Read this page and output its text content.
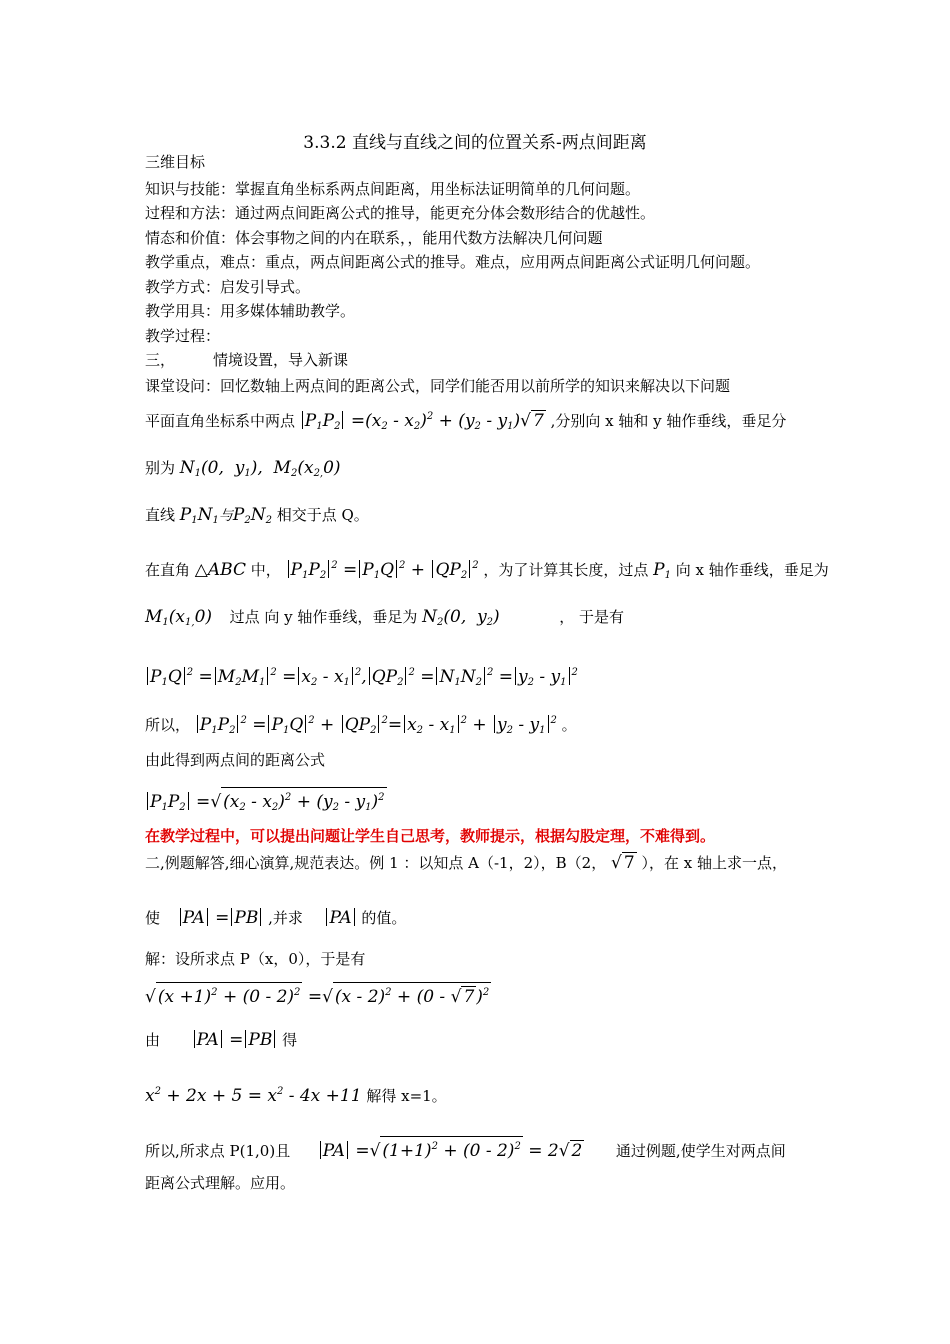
3.3.2 直线与直线之间的位置关系-两点间距离
三维目标
知识与技能：掌握直角坐标系两点间距离，用坐标法证明简单的几何问题。
过程和方法：通过两点间距离公式的推导，能更充分体会数形结合的优越性。
情态和价值：体会事物之间的内在联系，，能用代数方法解决几何问题
教学重点，难点：重点，两点间距离公式的推导。难点，应用两点间距离公式证明几何问题。
教学方式：启发引导式。
教学用具：用多媒体辅助教学。
教学过程：
三，	情境设置，导入新课
课堂设问：回忆数轴上两点间的距离公式，同学们能否用以前所学的知识来解决以下问题
平面直角坐标系中两点 $P_1P_2 =(x_2 - x_2)^2 + (y_2 - y_1)√$ 7 ,分别向 x 轴和 y 轴作垂线，垂足分
别为 $N_1(0$,  $y_1$),  $M_2(x_{2,}0)$
直线 $P_1N_1$与$P_2N_2$ 相交于点 Q。
在直角 △ABC 中， $P_1P_2^2 = P_1Q$ $^2 + QP_2^2$ ，为了计算其长度，过点 $P_1$ 向 x 轴作垂线，垂足为
$M_1(x_{1,}0)$ 过点 向 y 轴作垂线，垂足为 $N_2(0$,  $y_2$)	， 于是有
$P_1Q$ $^2 = M_2M_1^2 = x_2 - x_1^2$, $QP_2^2 = N_1N_2^2 = y_2 - y_1^2$
所以， $P_1P_2^2 = P_1Q$ $^2 + QP_2^2= x_2 - x_1^2 + y_2 - y_1^2$ 。
由此得到两点间的距离公式
$P_1P_2$ =√ $(x_2 - x_2)^2 + (y_2 - y_1)^2$
在教学过程中，可以提出问题让学生自己思考，教师提示，根据勾股定理，不难得到。
二,例题解答,细心演算,规范表达。例 1 ：以知点 A（-1，2），B（2， √ 7 ），在 x 轴上求一点，
使 PA = PB ,并求 PA 的值。
解：设所求点 P（x，0），于是有
√ $(x +1)^2 + (0 - 2)^2$ =√ (x - 2)$^2$ + (0 - √ 7 )$^2$
由 PA = PB 得
$x^2 + 2x + 5 = x^2 - 4x +11$ 解得 x=1。
所以,所求点 P(1,0)且 PA =√ $(1+1)^2 + (0 - 2)^2 = 2√$ 2 通过例题,使学生对两点间
距离公式理解。应用。
